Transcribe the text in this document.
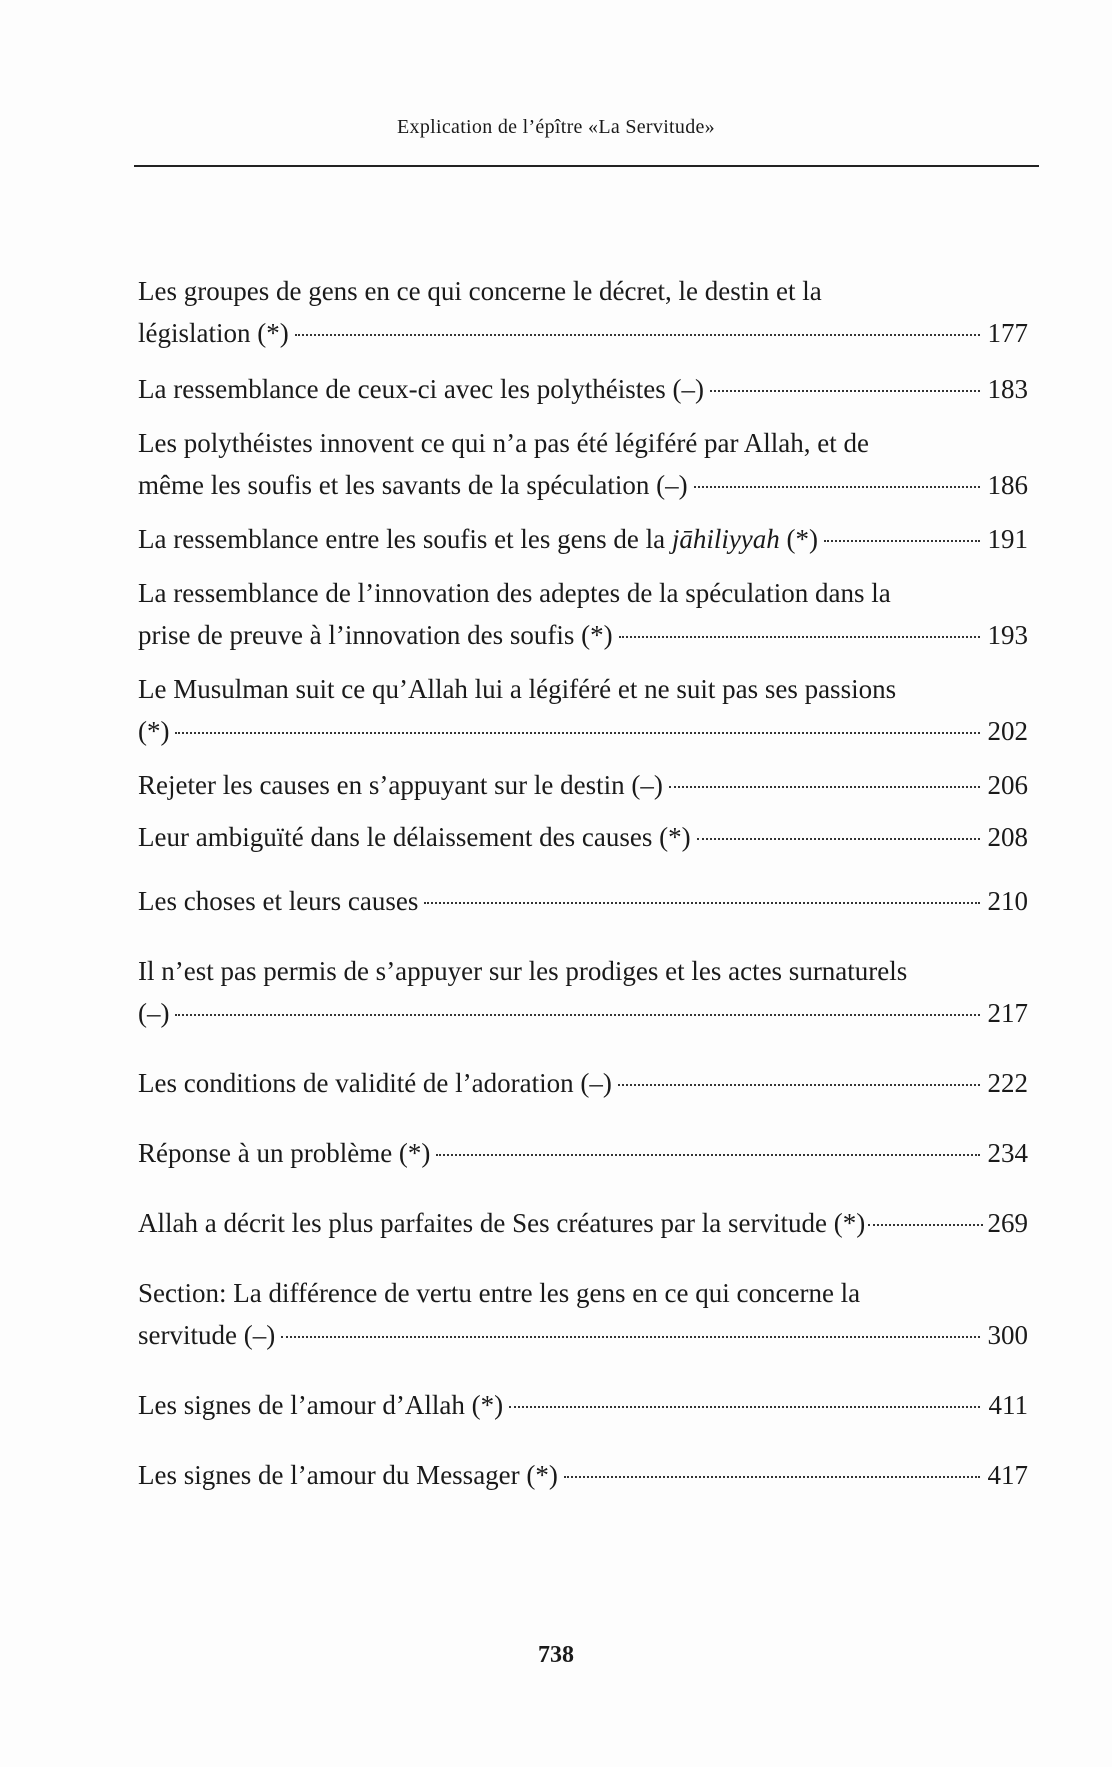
Explication de l’épître «La Servitude»
Les groupes de gens en ce qui concerne le décret, le destin et la
législation (*)	177
La ressemblance de ceux-ci avec les polythéistes (–)	183
Les polythéistes innovent ce qui n’a pas été légiféré par Allah, et de
même les soufis et les savants de la spéculation (–)	186
La ressemblance entre les soufis et les gens de la jāhiliyyah (*)	191
La ressemblance de l’innovation des adeptes de la spéculation dans la
prise de preuve à l’innovation des soufis (*)	193
Le Musulman suit ce qu’Allah lui a légiféré et ne suit pas ses passions
(*)	202
Rejeter les causes en s’appuyant sur le destin (–)	206
Leur ambiguïté dans le délaissement des causes (*)	208
Les choses et leurs causes	210
Il n’est pas permis de s’appuyer sur les prodiges et les actes surnaturels
(–)	217
Les conditions de validité de l’adoration (–)	222
Réponse à un problème (*)	234
Allah a décrit les plus parfaites de Ses créatures par la servitude (*)	269
Section: La différence de vertu entre les gens en ce qui concerne la
servitude (–)	300
Les signes de l’amour d’Allah (*)	411
Les signes de l’amour du Messager (*)	417
738
